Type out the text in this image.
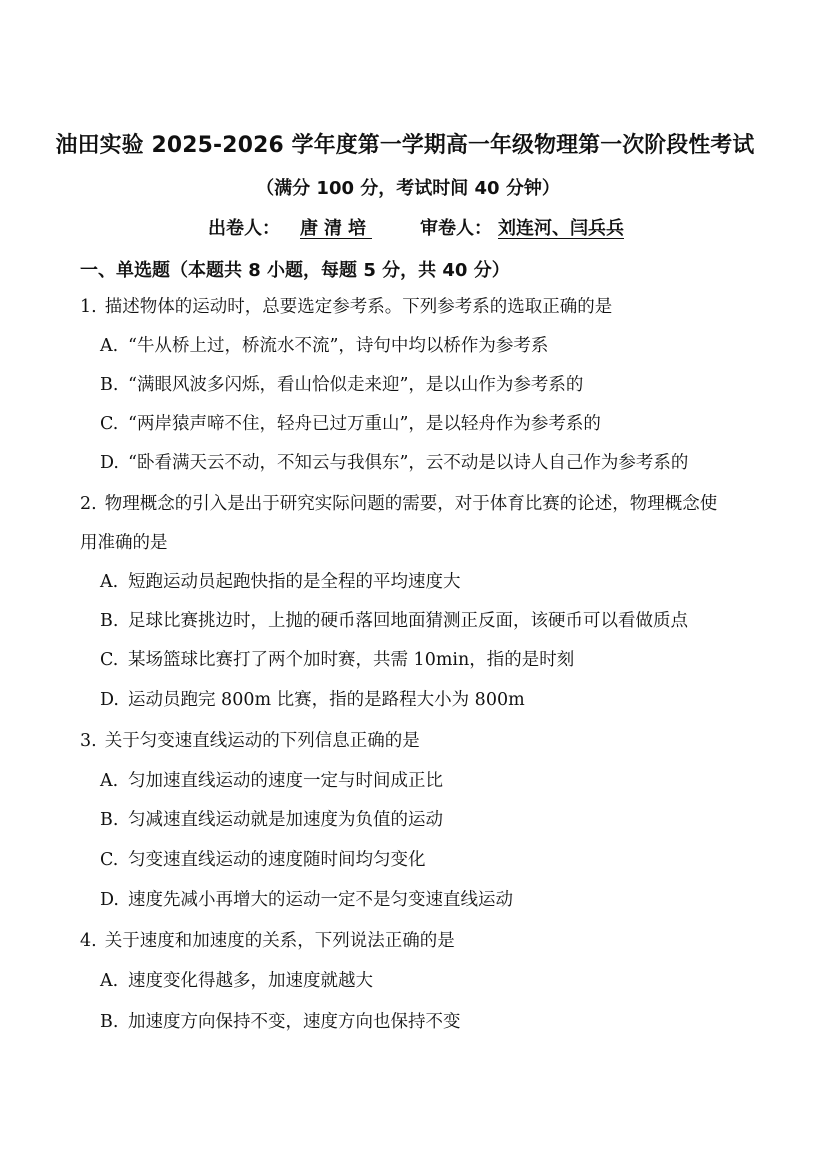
油田实验 2025-2026 学年度第一学期高一年级物理第一次阶段性考试
（满分 100 分，考试时间 40 分钟）
出卷人： 唐清培	审卷人： 刘连河、闫兵兵
一、单选题（本题共 8 小题，每题 5 分，共 40 分）
1. 描述物体的运动时，总要选定参考系。下列参考系的选取正确的是
A. “牛从桥上过，桥流水不流”，诗句中均以桥作为参考系
B. “满眼风波多闪烁，看山恰似走来迎”，是以山作为参考系的
C. “两岸猿声啼不住，轻舟已过万重山”，是以轻舟作为参考系的
D. “卧看满天云不动，不知云与我俱东”，云不动是以诗人自己作为参考系的
2. 物理概念的引入是出于研究实际问题的需要，对于体育比赛的论述，物理概念使
用准确的是
A. 短跑运动员起跑快指的是全程的平均速度大
B. 足球比赛挑边时，上抛的硬币落回地面猜测正反面，该硬币可以看做质点
C. 某场篮球比赛打了两个加时赛，共需 10min，指的是时刻
D. 运动员跑完 800m 比赛，指的是路程大小为 800m
3. 关于匀变速直线运动的下列信息正确的是
A. 匀加速直线运动的速度一定与时间成正比
B. 匀减速直线运动就是加速度为负值的运动
C. 匀变速直线运动的速度随时间均匀变化
D. 速度先减小再增大的运动一定不是匀变速直线运动
4. 关于速度和加速度的关系，下列说法正确的是
A. 速度变化得越多，加速度就越大
B. 加速度方向保持不变，速度方向也保持不变
